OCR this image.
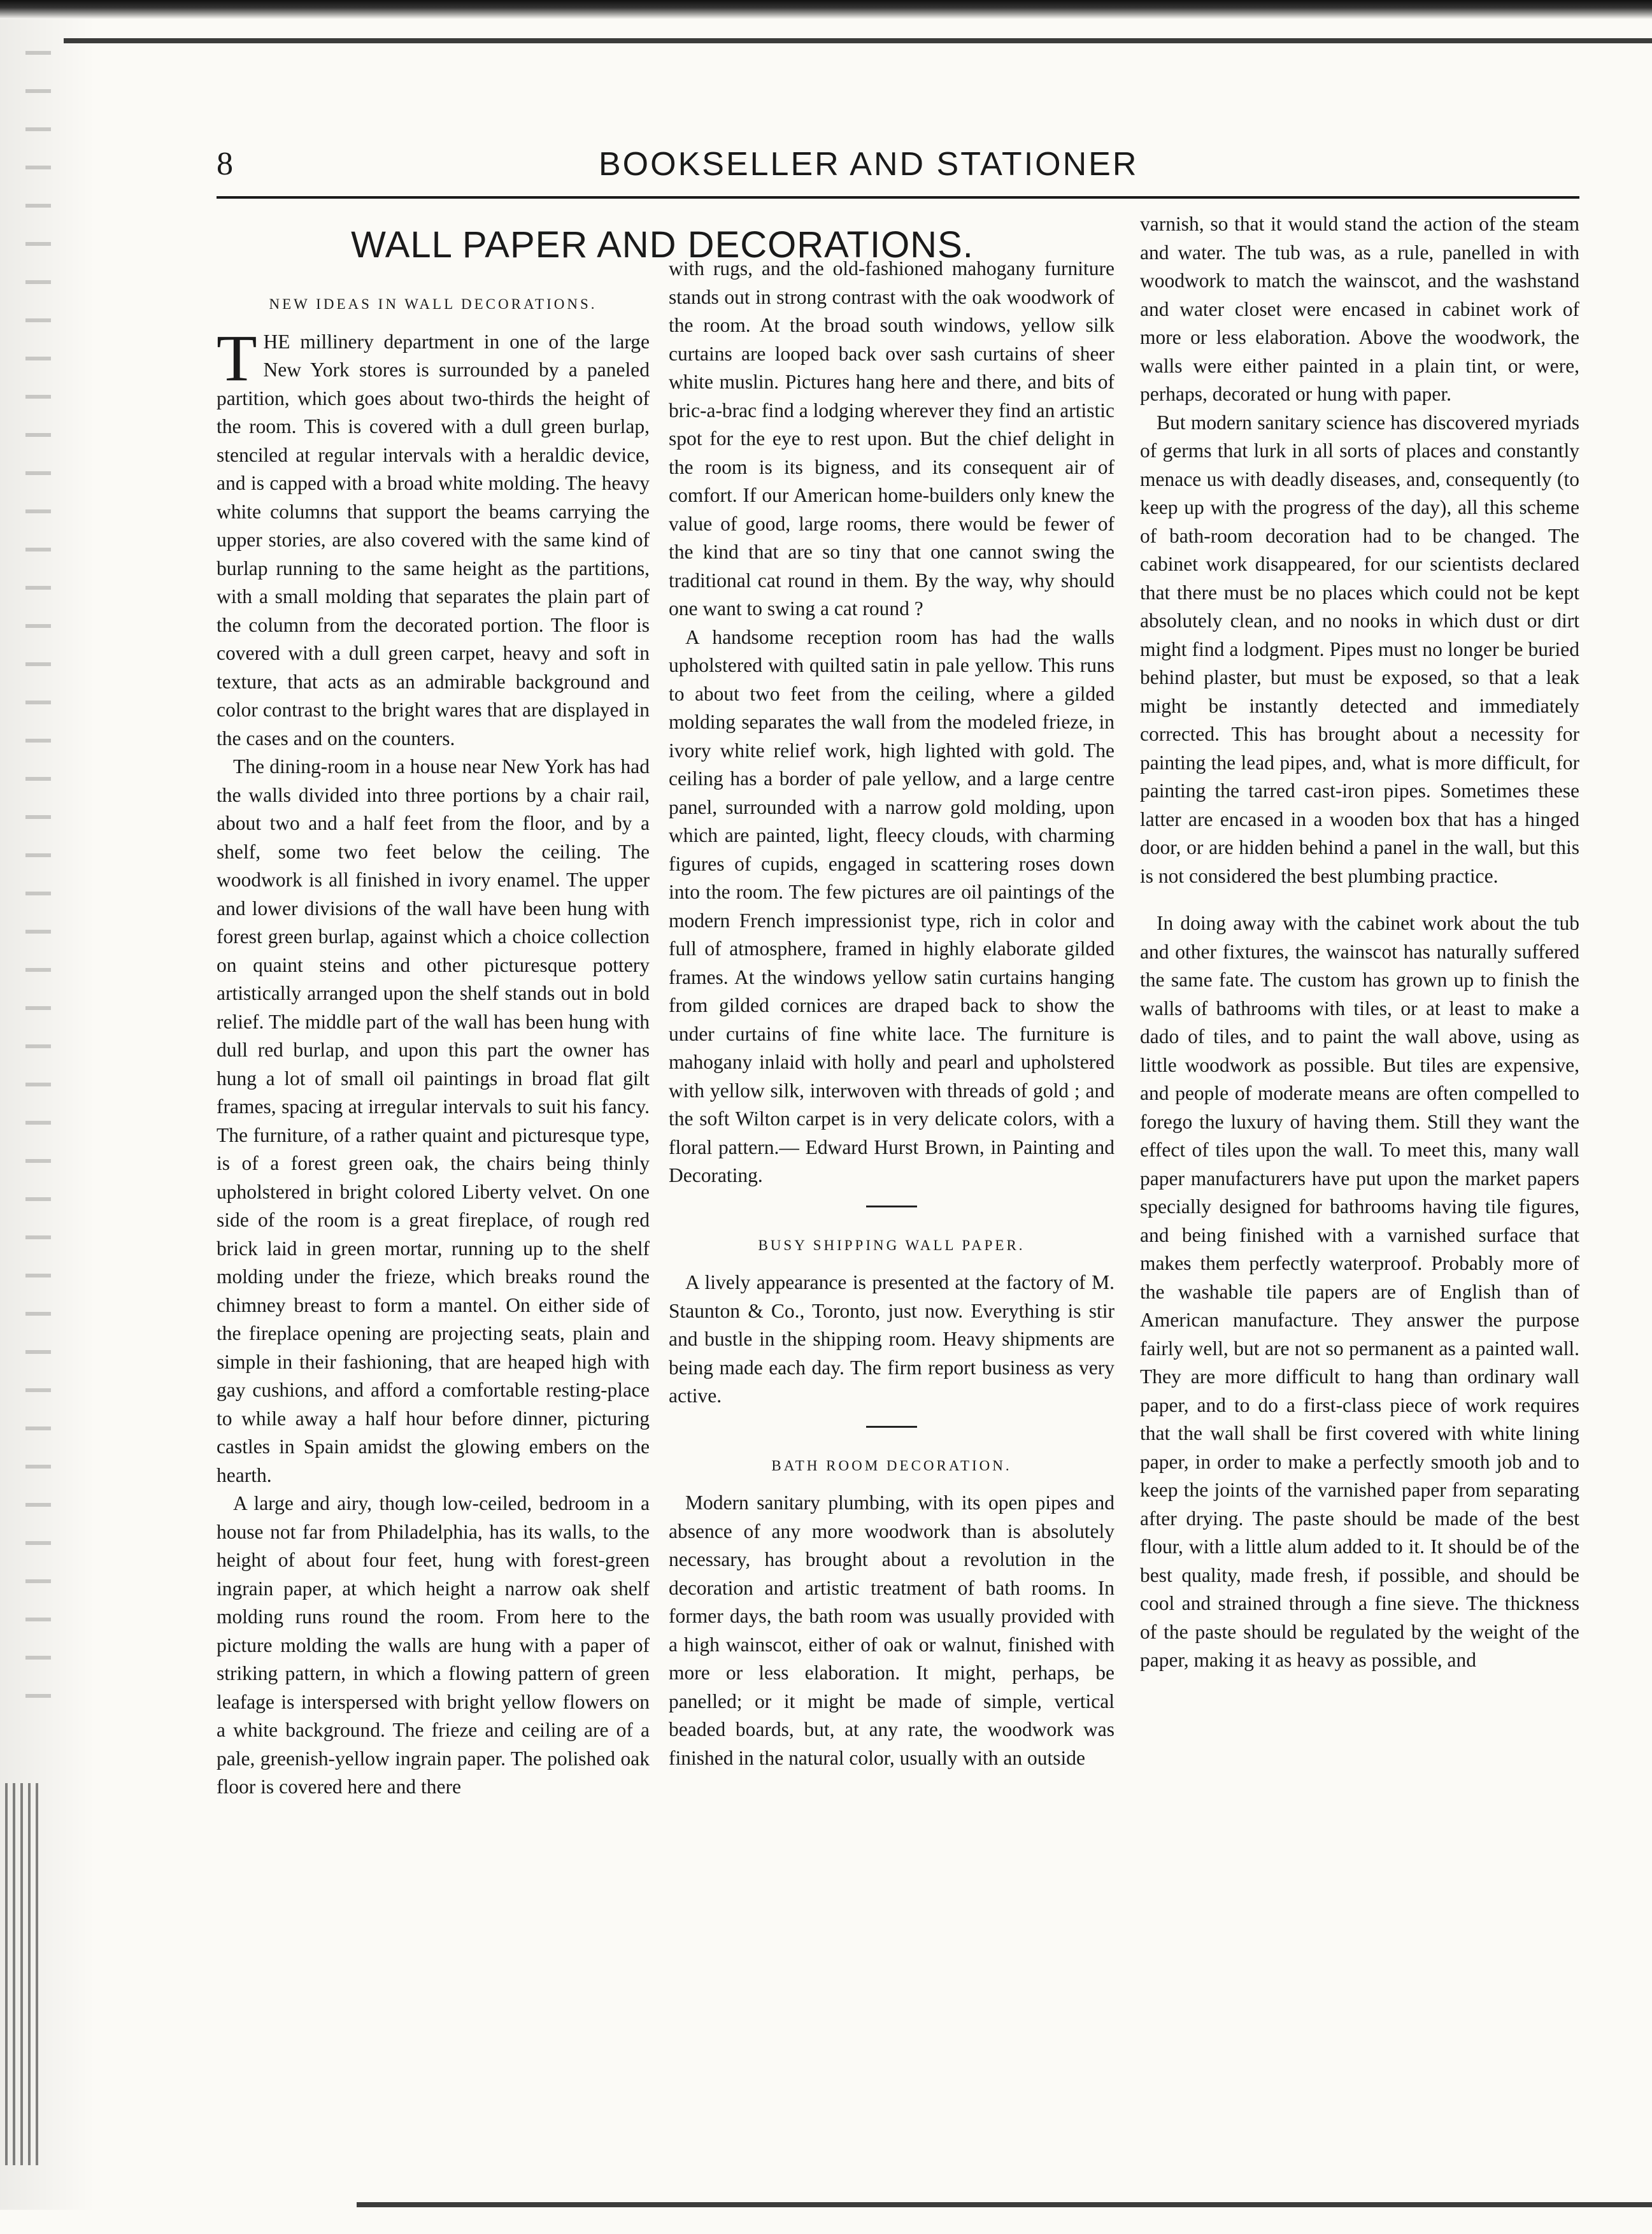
8	BOOKSELLER AND STATIONER
WALL PAPER AND DECORATIONS.
NEW IDEAS IN WALL DECORATIONS.

THE millinery department in one of the large New York stores is surrounded by a paneled partition, which goes about two-thirds the height of the room. This is covered with a dull green burlap, stenciled at regular intervals with a heraldic device, and is capped with a broad white molding. The heavy white columns that support the beams carrying the upper stories, are also covered with the same kind of burlap running to the same height as the partitions, with a small molding that separates the plain part of the column from the decorated portion. The floor is covered with a dull green carpet, heavy and soft in texture, that acts as an admirable background and color contrast to the bright wares that are displayed in the cases and on the counters.

The dining-room in a house near New York has had the walls divided into three portions by a chair rail, about two and a half feet from the floor, and by a shelf, some two feet below the ceiling. The woodwork is all finished in ivory enamel. The upper and lower divisions of the wall have been hung with forest green burlap, against which a choice collection on quaint steins and other picturesque pottery artistically arranged upon the shelf stands out in bold relief. The middle part of the wall has been hung with dull red burlap, and upon this part the owner has hung a lot of small oil paintings in broad flat gilt frames, spacing at irregular intervals to suit his fancy. The furniture, of a rather quaint and picturesque type, is of a forest green oak, the chairs being thinly upholstered in bright colored Liberty velvet. On one side of the room is a great fireplace, of rough red brick laid in green mortar, running up to the shelf molding under the frieze, which breaks round the chimney breast to form a mantel. On either side of the fireplace opening are projecting seats, plain and simple in their fashioning, that are heaped high with gay cushions, and afford a comfortable resting-place to while away a half hour before dinner, picturing castles in Spain amidst the glowing embers on the hearth.

A large and airy, though low-ceiled, bedroom in a house not far from Philadelphia, has its walls, to the height of about four feet, hung with forest-green ingrain paper, at which height a narrow oak shelf molding runs round the room. From here to the picture molding the walls are hung with a paper of striking pattern, in which a flowing pattern of green leafage is interspersed with bright yellow flowers on a white background. The frieze and ceiling are of a pale, greenish-yellow ingrain paper. The polished oak floor is covered here and there

with rugs, and the old-fashioned mahogany furniture stands out in strong contrast with the oak woodwork of the room. At the broad south windows, yellow silk curtains are looped back over sash curtains of sheer white muslin. Pictures hang here and there, and bits of bric-a-brac find a lodging wherever they find an artistic spot for the eye to rest upon. But the chief delight in the room is its bigness, and its consequent air of comfort. If our American home-builders only knew the value of good, large rooms, there would be fewer of the kind that are so tiny that one cannot swing the traditional cat round in them. By the way, why should one want to swing a cat round ?

A handsome reception room has had the walls upholstered with quilted satin in pale yellow. This runs to about two feet from the ceiling, where a gilded molding separates the wall from the modeled frieze, in ivory white relief work, high lighted with gold. The ceiling has a border of pale yellow, and a large centre panel, surrounded with a narrow gold molding, upon which are painted, light, fleecy clouds, with charming figures of cupids, engaged in scattering roses down into the room. The few pictures are oil paintings of the modern French impressionist type, rich in color and full of atmosphere, framed in highly elaborate gilded frames. At the windows yellow satin curtains hanging from gilded cornices are draped back to show the under curtains of fine white lace. The furniture is mahogany inlaid with holly and pearl and upholstered with yellow silk, interwoven with threads of gold ; and the soft Wilton carpet is in very delicate colors, with a floral pattern.— Edward Hurst Brown, in Painting and Decorating.

BUSY SHIPPING WALL PAPER.

A lively appearance is presented at the factory of M. Staunton & Co., Toronto, just now. Everything is stir and bustle in the shipping room. Heavy shipments are being made each day. The firm report business as very active.

BATH ROOM DECORATION.

Modern sanitary plumbing, with its open pipes and absence of any more woodwork than is absolutely necessary, has brought about a revolution in the decoration and artistic treatment of bath rooms. In former days, the bath room was usually provided with a high wainscot, either of oak or walnut, finished with more or less elaboration. It might, perhaps, be panelled; or it might be made of simple, vertical beaded boards, but, at any rate, the woodwork was finished in the natural color, usually with an outside

varnish, so that it would stand the action of the steam and water. The tub was, as a rule, panelled in with woodwork to match the wainscot, and the washstand and water closet were encased in cabinet work of more or less elaboration. Above the woodwork, the walls were either painted in a plain tint, or were, perhaps, decorated or hung with paper.

But modern sanitary science has discovered myriads of germs that lurk in all sorts of places and constantly menace us with deadly diseases, and, consequently (to keep up with the progress of the day), all this scheme of bath-room decoration had to be changed. The cabinet work disappeared, for our scientists declared that there must be no places which could not be kept absolutely clean, and no nooks in which dust or dirt might find a lodgment. Pipes must no longer be buried behind plaster, but must be exposed, so that a leak might be instantly detected and immediately corrected. This has brought about a necessity for painting the lead pipes, and, what is more difficult, for painting the tarred cast-iron pipes. Sometimes these latter are encased in a wooden box that has a hinged door, or are hidden behind a panel in the wall, but this is not considered the best plumbing practice.

In doing away with the cabinet work about the tub and other fixtures, the wainscot has naturally suffered the same fate. The custom has grown up to finish the walls of bathrooms with tiles, or at least to make a dado of tiles, and to paint the wall above, using as little woodwork as possible. But tiles are expensive, and people of moderate means are often compelled to forego the luxury of having them. Still they want the effect of tiles upon the wall. To meet this, many wall paper manufacturers have put upon the market papers specially designed for bathrooms having tile figures, and being finished with a varnished surface that makes them perfectly waterproof. Probably more of the washable tile papers are of English than of American manufacture. They answer the purpose fairly well, but are not so permanent as a painted wall. They are more difficult to hang than ordinary wall paper, and to do a first-class piece of work requires that the wall shall be first covered with white lining paper, in order to make a perfectly smooth job and to keep the joints of the varnished paper from separating after drying. The paste should be made of the best flour, with a little alum added to it. It should be of the best quality, made fresh, if possible, and should be cool and strained through a fine sieve. The thickness of the paste should be regulated by the weight of the paper, making it as heavy as possible, and
